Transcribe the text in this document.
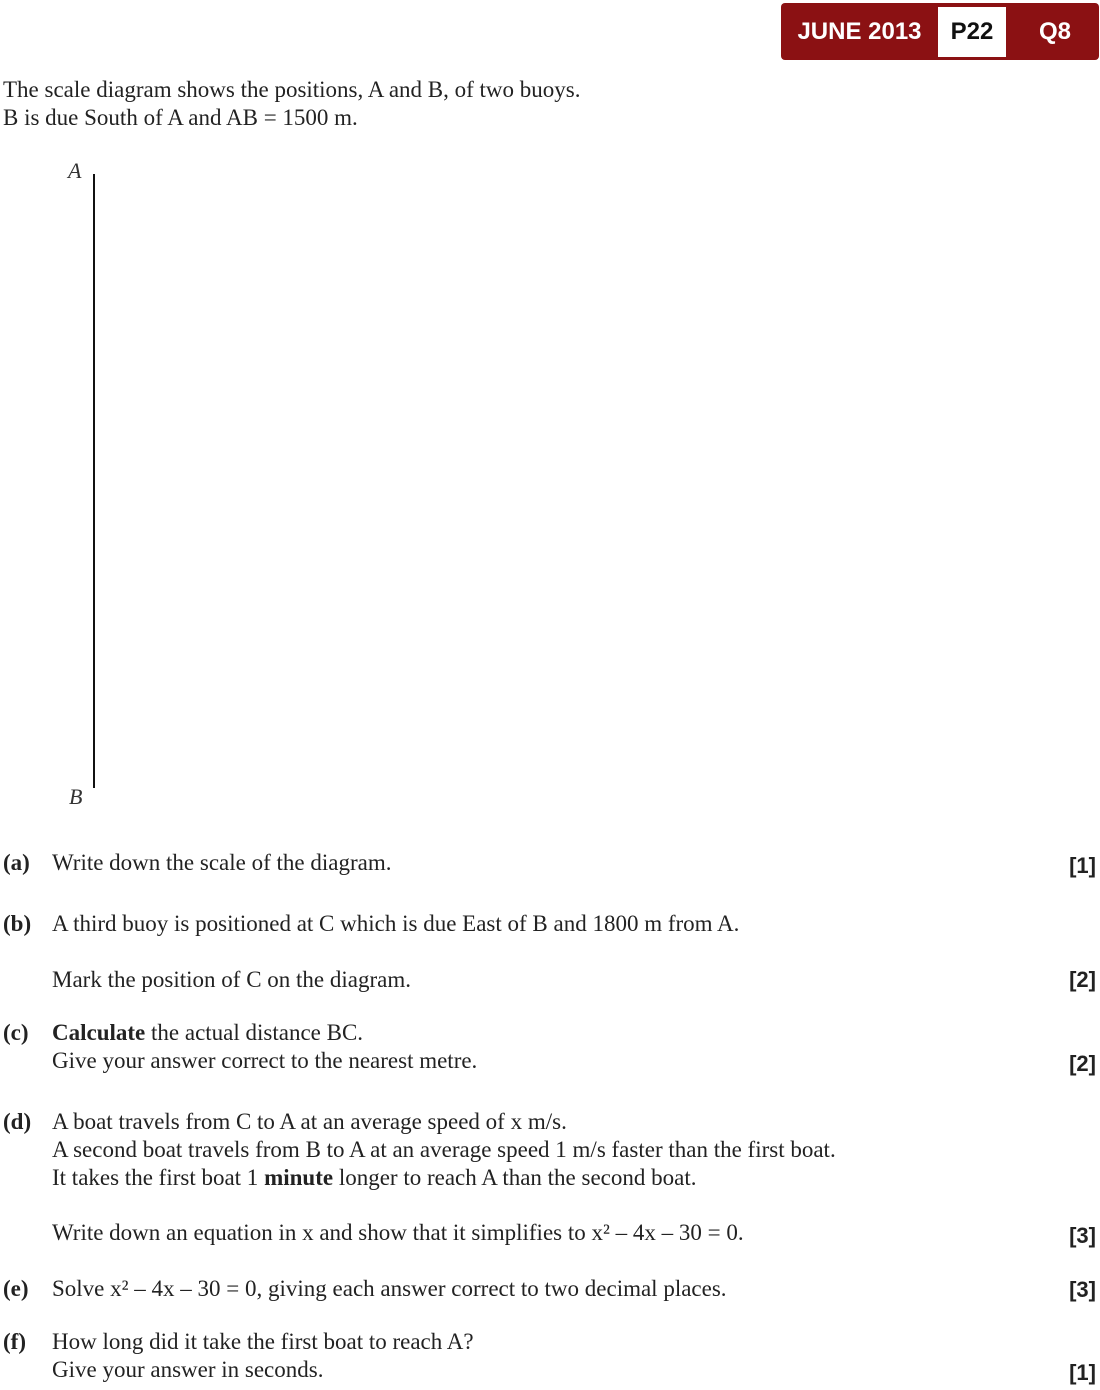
JUNE 2013	P22	Q8
The scale diagram shows the positions, A and B, of two buoys.
B is due South of A and AB = 1500 m.
A
B
(a) Write down the scale of the diagram.	[1]
(b) A third buoy is positioned at C which is due East of B and 1800 m from A.
Mark the position of C on the diagram.	[2]
(c) Calculate the actual distance BC.
Give your answer correct to the nearest metre.	[2]
(d) A boat travels from C to A at an average speed of x m/s.
A second boat travels from B to A at an average speed 1 m/s faster than the first boat.
It takes the first boat 1 minute longer to reach A than the second boat.
Write down an equation in x and show that it simplifies to x² – 4x – 30 = 0.	[3]
(e) Solve x² – 4x – 30 = 0, giving each answer correct to two decimal places.	[3]
(f) How long did it take the first boat to reach A?
Give your answer in seconds.	[1]
